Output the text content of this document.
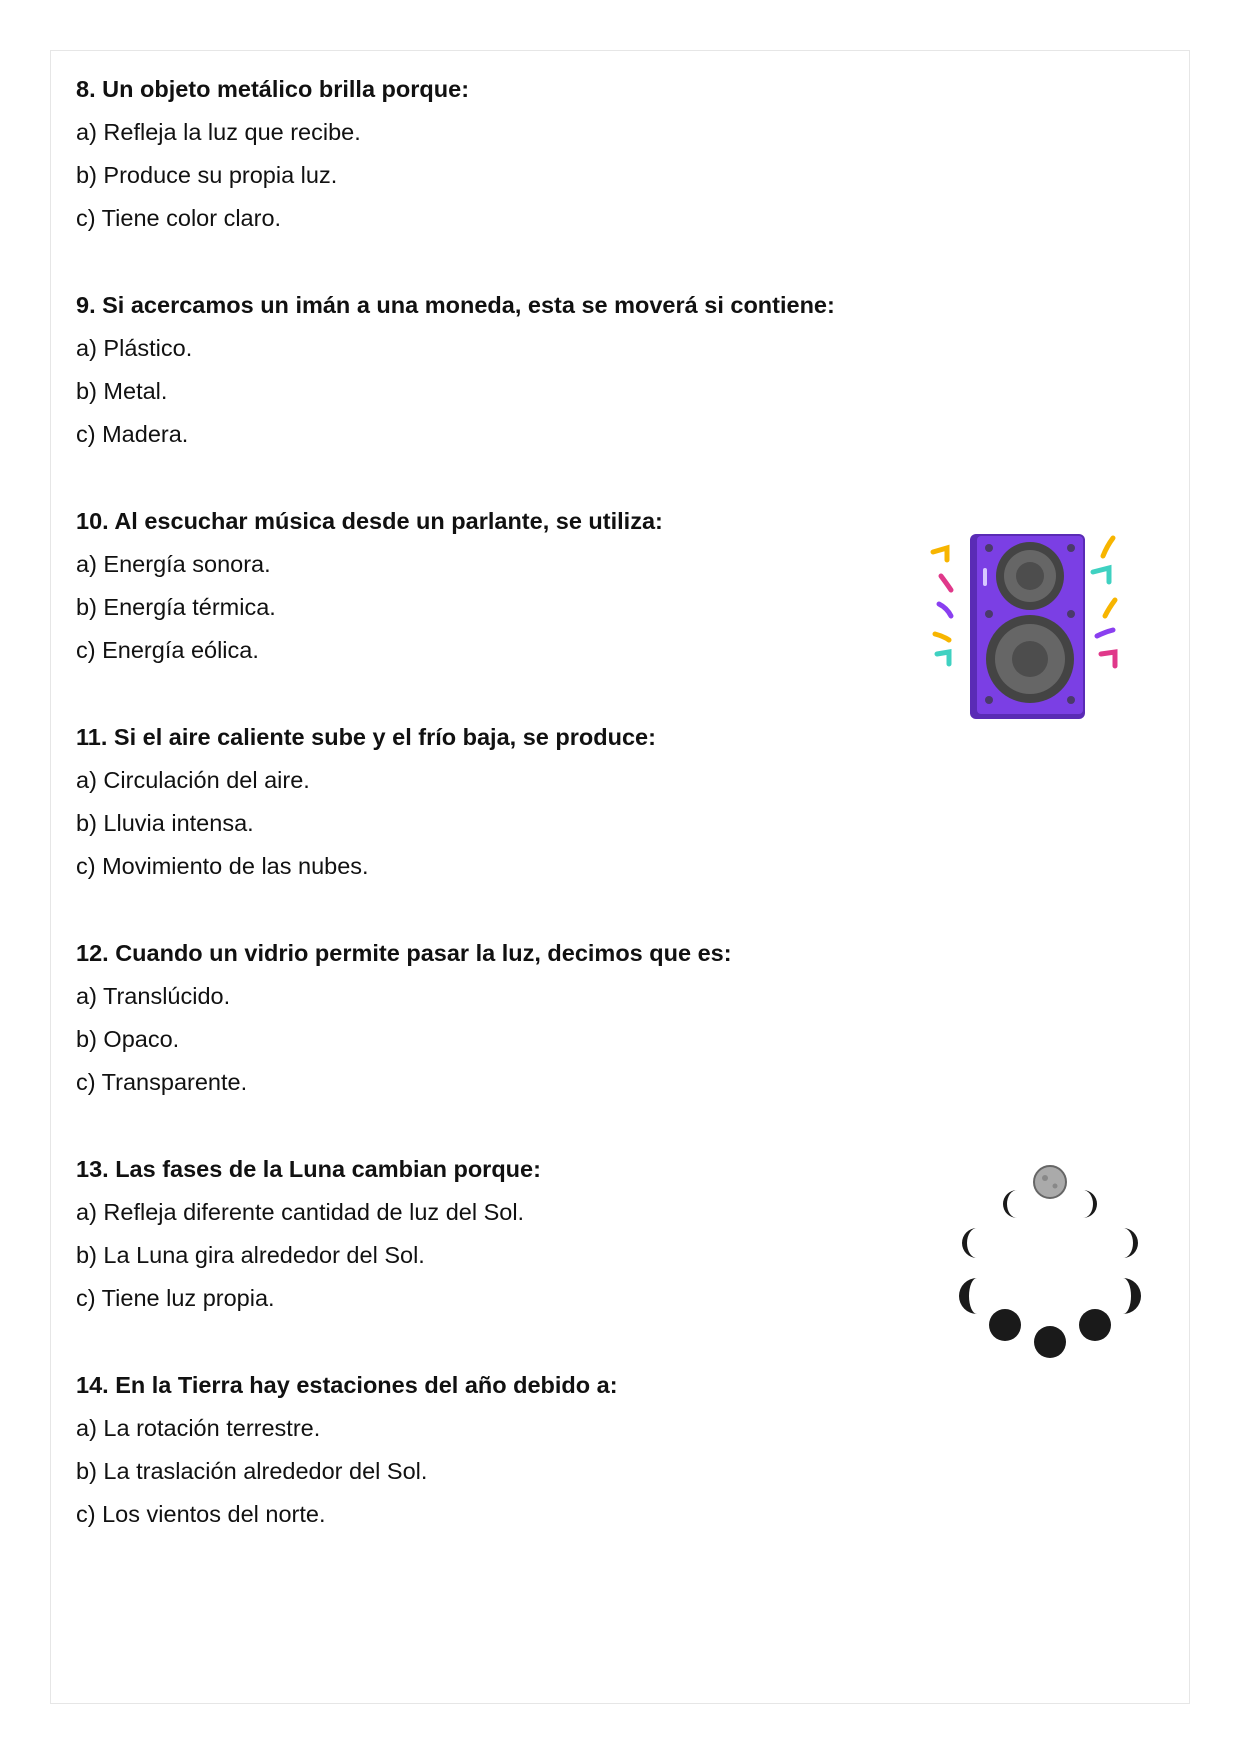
8. Un objeto metálico brilla porque:
a) Refleja la luz que recibe.
b) Produce su propia luz.
c) Tiene color claro.
9. Si acercamos un imán a una moneda, esta se moverá si contiene:
a) Plástico.
b) Metal.
c) Madera.
10. Al escuchar música desde un parlante, se utiliza:
a) Energía sonora.
b) Energía térmica.
c) Energía eólica.
11. Si el aire caliente sube y el frío baja, se produce:
a) Circulación del aire.
b) Lluvia intensa.
c) Movimiento de las nubes.
12. Cuando un vidrio permite pasar la luz, decimos que es:
a) Translúcido.
b) Opaco.
c) Transparente.
13. Las fases de la Luna cambian porque:
a) Refleja diferente cantidad de luz del Sol.
b) La Luna gira alrededor del Sol.
c) Tiene luz propia.
14. En la Tierra hay estaciones del año debido a:
a) La rotación terrestre.
b) La traslación alrededor del Sol.
c) Los vientos del norte.
